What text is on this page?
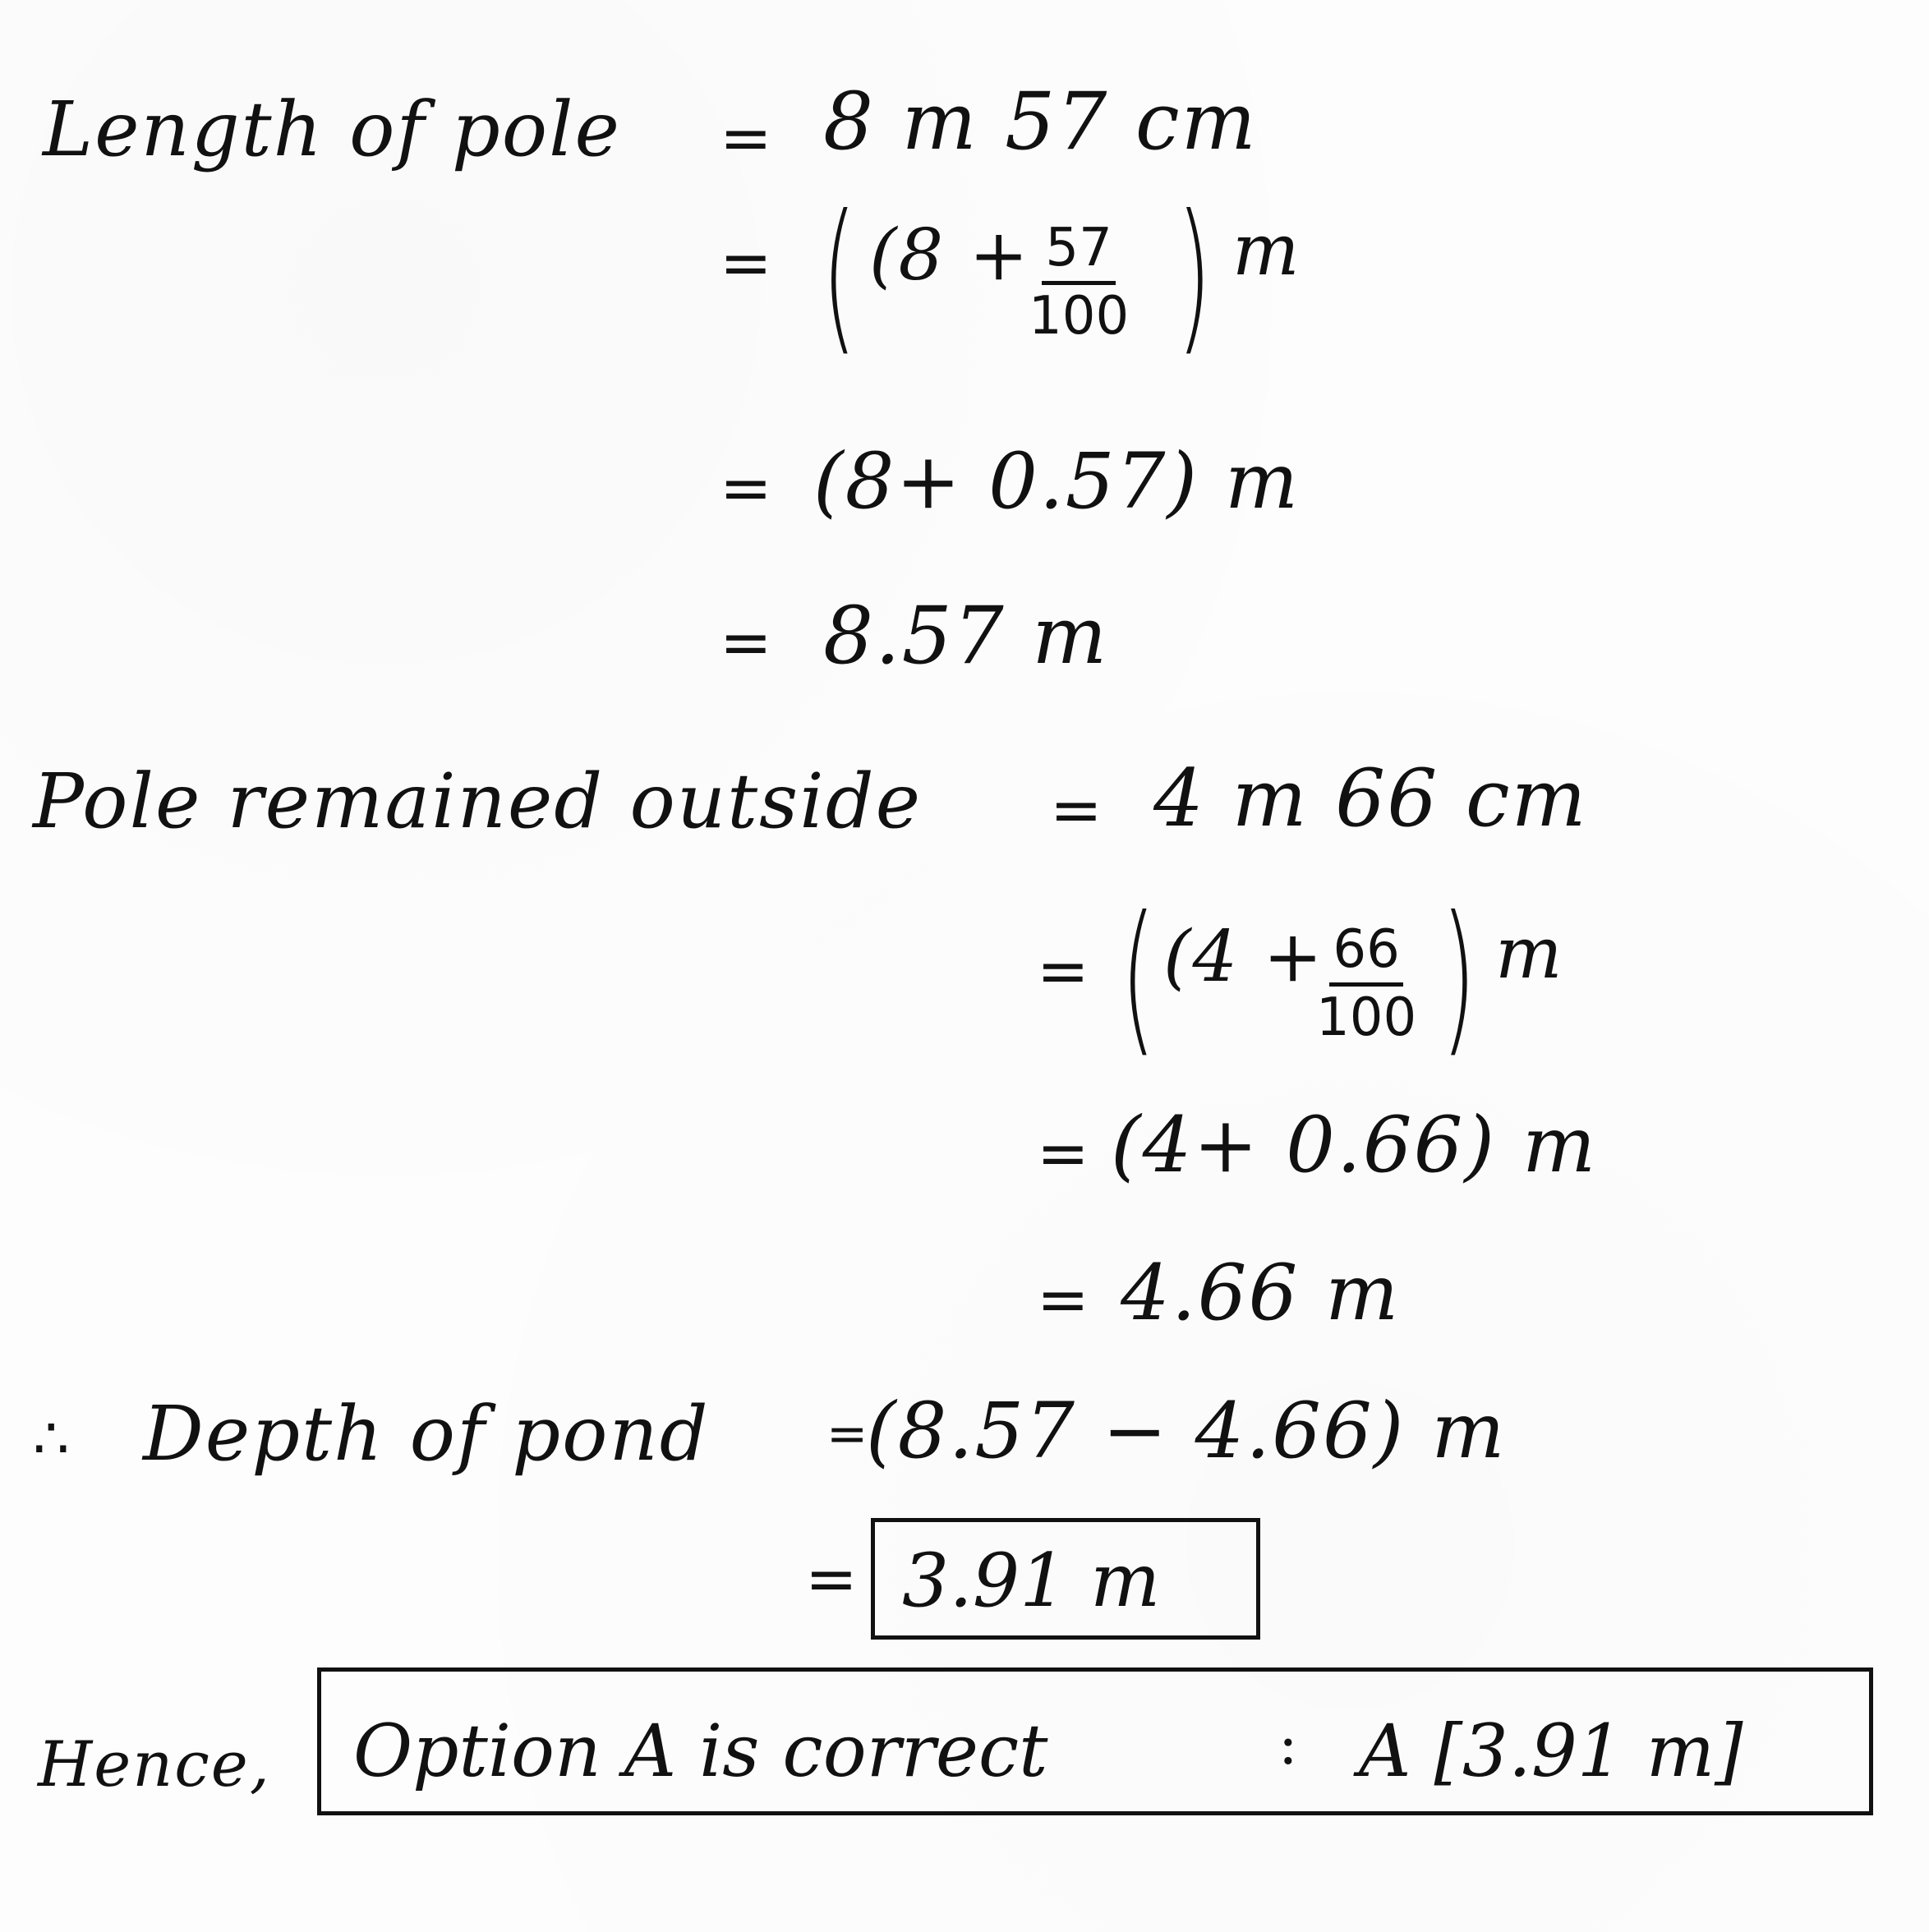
Length of pole = 8 m 57 cm
= ( (8 +
$\frac{57}{100}$ ) m
= (8+ 0.57) m
= 8.57 m
Pole remained outside = 4 m 66 cm
= ( (4 +
$\frac{66}{100}$ ) m
= (4+ 0.66) m
= 4.66 m
∴ Depth of pond =
(8.57 − 4.66) m
= 3.91 m
Hence, Option A is correct	: A [3.91 m]
